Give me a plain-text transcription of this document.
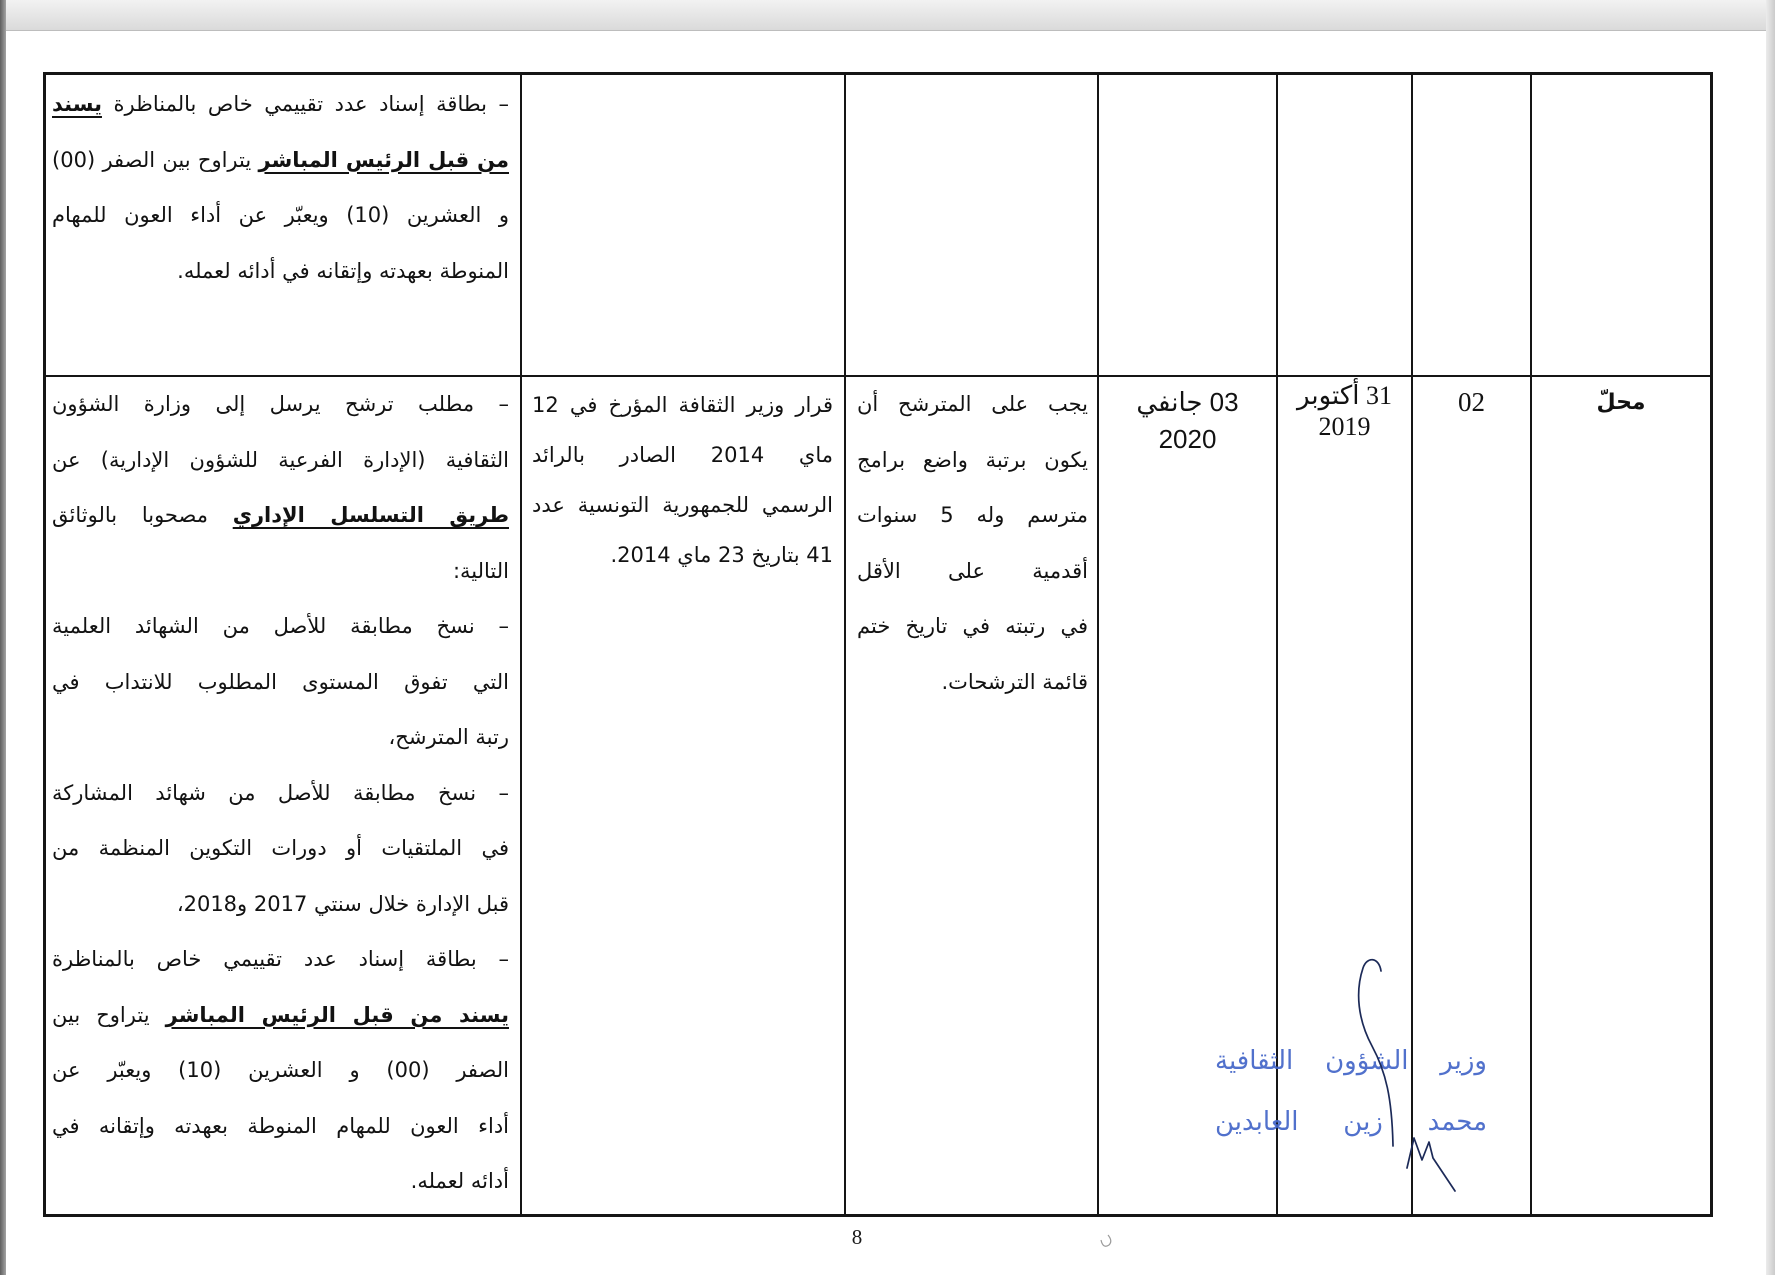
– بطاقة إسناد عدد تقييمي خاص بالمناظرة يسند
من قبل الرئيس المباشر يتراوح بين الصفر (00)
و العشرين (10) ويعبّر عن أداء العون للمهام
المنوطة بعهدته وإتقانه في أدائه لعمله.
محلّ
02
31 أكتوبر
2019
03 جانفي
2020
يجب على المترشح أن
يكون برتبة واضع برامج
مترسم وله 5 سنوات
أقدمية على الأقل
في رتبته في تاريخ ختم
قائمة الترشحات.
قرار وزير الثقافة المؤرخ في 12
ماي 2014 الصادر بالرائد
الرسمي للجمهورية التونسية عدد
41 بتاريخ 23 ماي 2014.
– مطلب ترشح يرسل إلى وزارة الشؤون
الثقافية (الإدارة الفرعية للشؤون الإدارية) عن
طريق التسلسل الإداري مصحوبا بالوثائق
التالية:
– نسخ مطابقة للأصل من الشهائد العلمية
التي تفوق المستوى المطلوب للانتداب في
رتبة المترشح،
– نسخ مطابقة للأصل من شهائد المشاركة
في الملتقيات أو دورات التكوين المنظمة من
قبل الإدارة خلال سنتي 2017 و2018،
– بطاقة إسناد عدد تقييمي خاص بالمناظرة
يسند من قبل الرئيس المباشر يتراوح بين
الصفر (00) و العشرين (10) ويعبّر عن
أداء العون للمهام المنوطة بعهدته وإتقانه في
أدائه لعمله.
وزير الشؤون الثقافية
محمد زين العابدين
8
